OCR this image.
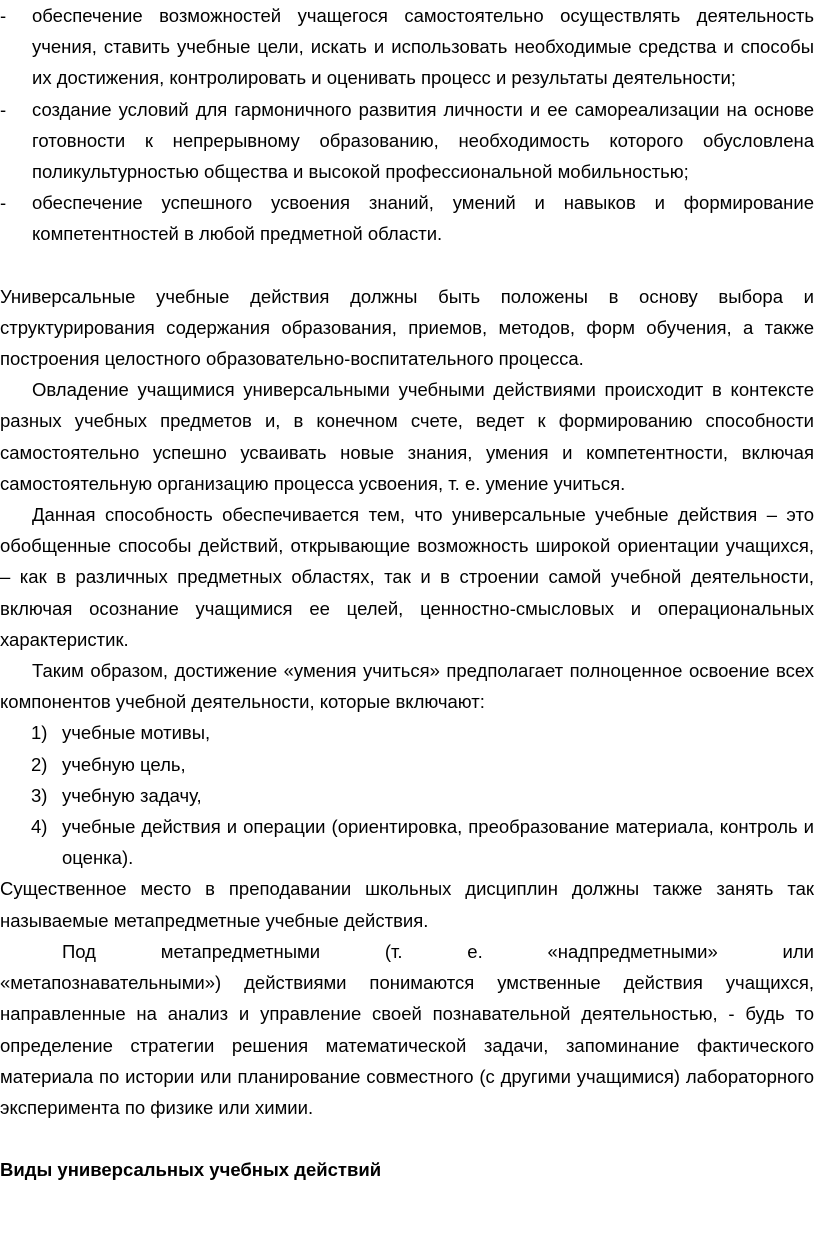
- обеспечение возможностей учащегося самостоятельно осуществлять деятельность учения, ставить учебные цели, искать и использовать необходимые средства и способы их достижения, контролировать и оценивать процесс и результаты деятельности;
- создание условий для гармоничного развития личности и ее самореализации на основе готовности к непрерывному образованию, необходимость которого обусловлена поликультурностью общества и высокой профессиональной мобильностью;
- обеспечение успешного усвоения знаний, умений и навыков и формирование компетентностей в любой предметной области.

Универсальные учебные действия должны быть положены в основу выбора и структурирования содержания образования, приемов, методов, форм обучения, а также построения целостного образовательно-воспитательного процесса.

Овладение учащимися универсальными учебными действиями происходит в контексте разных учебных предметов и, в конечном счете, ведет к формированию способности самостоятельно успешно усваивать новые знания, умения и компетентности, включая самостоятельную организацию процесса усвоения, т. е. умение учиться.

Данная способность обеспечивается тем, что универсальные учебные действия – это обобщенные способы действий, открывающие возможность широкой ориентации учащихся, – как в различных предметных областях, так и в строении самой учебной деятельности, включая осознание учащимися ее целей, ценностно-смысловых и операциональных характеристик.

Таким образом, достижение «умения учиться» предполагает полноценное освоение всех компонентов учебной деятельности, которые включают:

1) учебные мотивы,
2) учебную цель,
3) учебную задачу,
4) учебные действия и операции (ориентировка, преобразование материала, контроль и оценка).

Существенное место в преподавании школьных дисциплин должны также занять так называемые метапредметные учебные действия.

Под метапредметными (т. е. «надпредметными» или

«метапознавательными») действиями понимаются умственные действия учащихся, направленные на анализ и управление своей познавательной деятельностью, - будь то определение стратегии решения математической задачи, запоминание фактического материала по истории или планирование совместного (с другими учащимися) лабораторного эксперимента по физике или химии.

Виды универсальных учебных действий
